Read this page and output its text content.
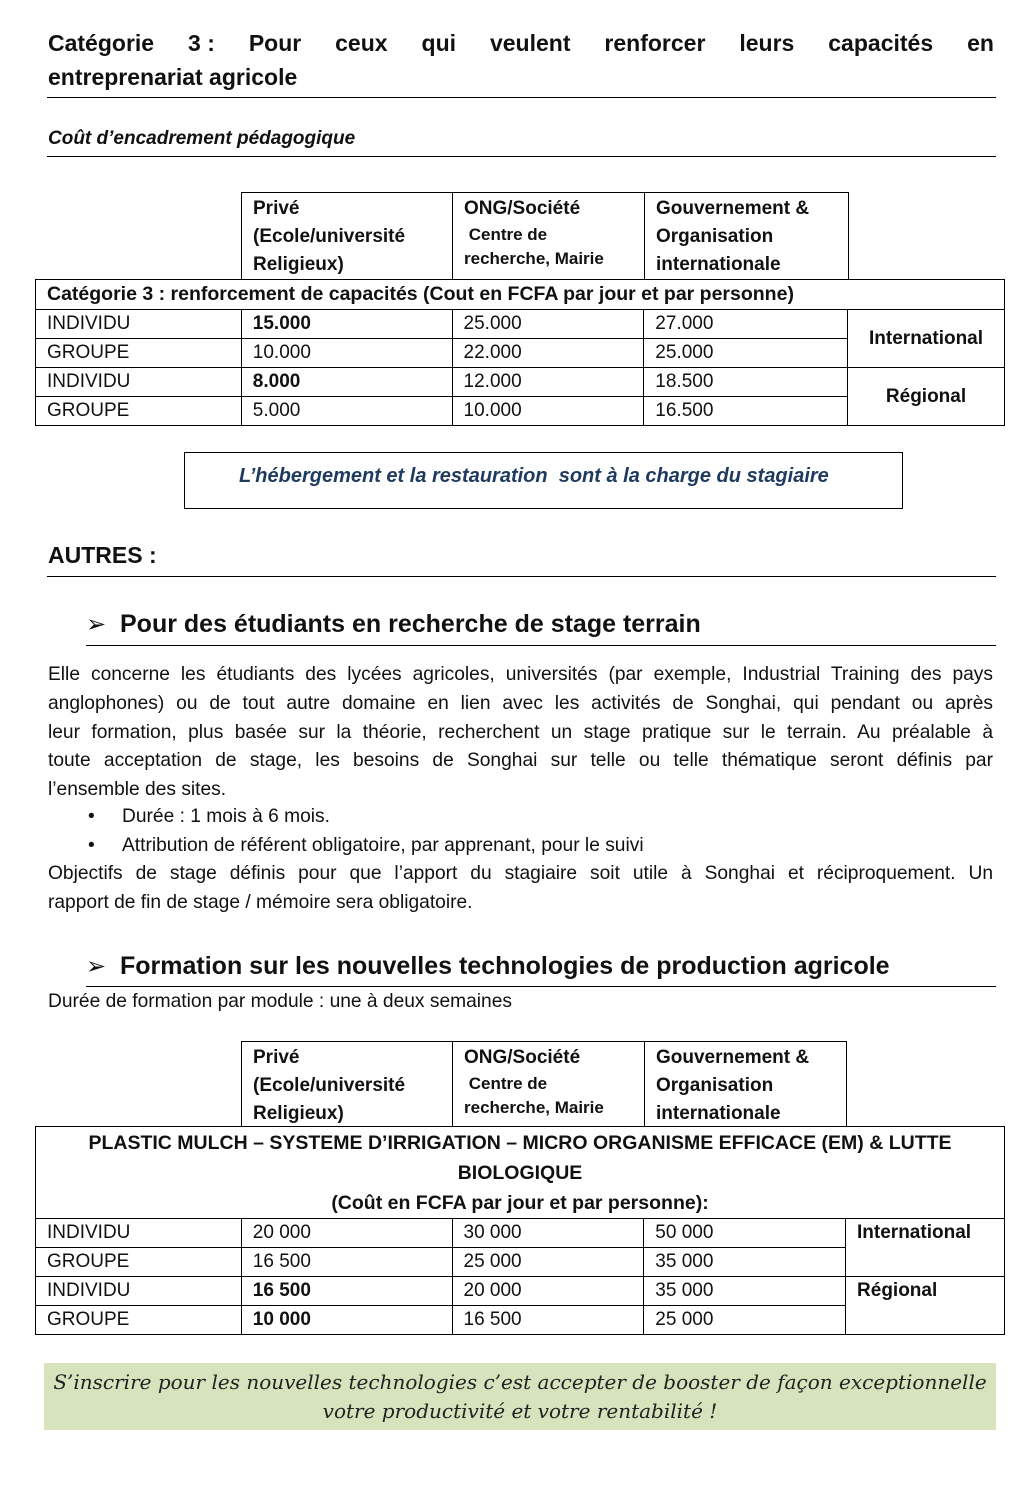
Catégorie 3 : Pour ceux qui veulent renforcer leurs capacités en
entreprenariat agricole
Coût d’encadrement pédagogique
Privé
(Ecole/université
Religieux)
ONG/Société
Centre de
recherche, Mairie
Gouvernement &
Organisation
internationale
Catégorie 3 : renforcement de capacités (Cout en FCFA par jour et par personne)				
INDIVIDU	15.000	25.000	27.000	International
GROUPE	10.000	22.000	25.000	
INDIVIDU	8.000	12.000	18.500	Régional
GROUPE	5.000	10.000	16.500	
L’hébergement et la restauration  sont à la charge du stagiaire
AUTRES :
➢ Pour des étudiants en recherche de stage terrain
Elle concerne les étudiants des lycées agricoles, universités (par exemple, Industrial Training des pays
anglophones) ou de tout autre domaine en lien avec les activités de Songhai, qui pendant ou après
leur formation, plus basée sur la théorie, recherchent un stage pratique sur le terrain. Au préalable à
toute acceptation de stage, les besoins de Songhai sur telle ou telle thématique seront définis par
l’ensemble des sites.
• Durée : 1 mois à 6 mois.
• Attribution de référent obligatoire, par apprenant, pour le suivi
Objectifs de stage définis pour que l’apport du stagiaire soit utile à Songhai et réciproquement. Un
rapport de fin de stage / mémoire sera obligatoire.
➢ Formation sur les nouvelles technologies de production agricole
Durée de formation par module : une à deux semaines
Privé
(Ecole/université
Religieux)
ONG/Société
Centre de
recherche, Mairie
Gouvernement &
Organisation
internationale
PLASTIC MULCH – SYSTEME D’IRRIGATION – MICRO ORGANISME EFFICACE (EM) & LUTTE
BIOLOGIQUE
(Coût en FCFA par jour et par personne):				

INDIVIDU	20 000	30 000	50 000	International
GROUPE	16 500	25 000	35 000	
INDIVIDU	16 500	20 000	35 000	Régional
GROUPE	10 000	16 500	25 000	
S’inscrire pour les nouvelles technologies c’est accepter de booster de façon exceptionnelle
votre productivité et votre rentabilité !
